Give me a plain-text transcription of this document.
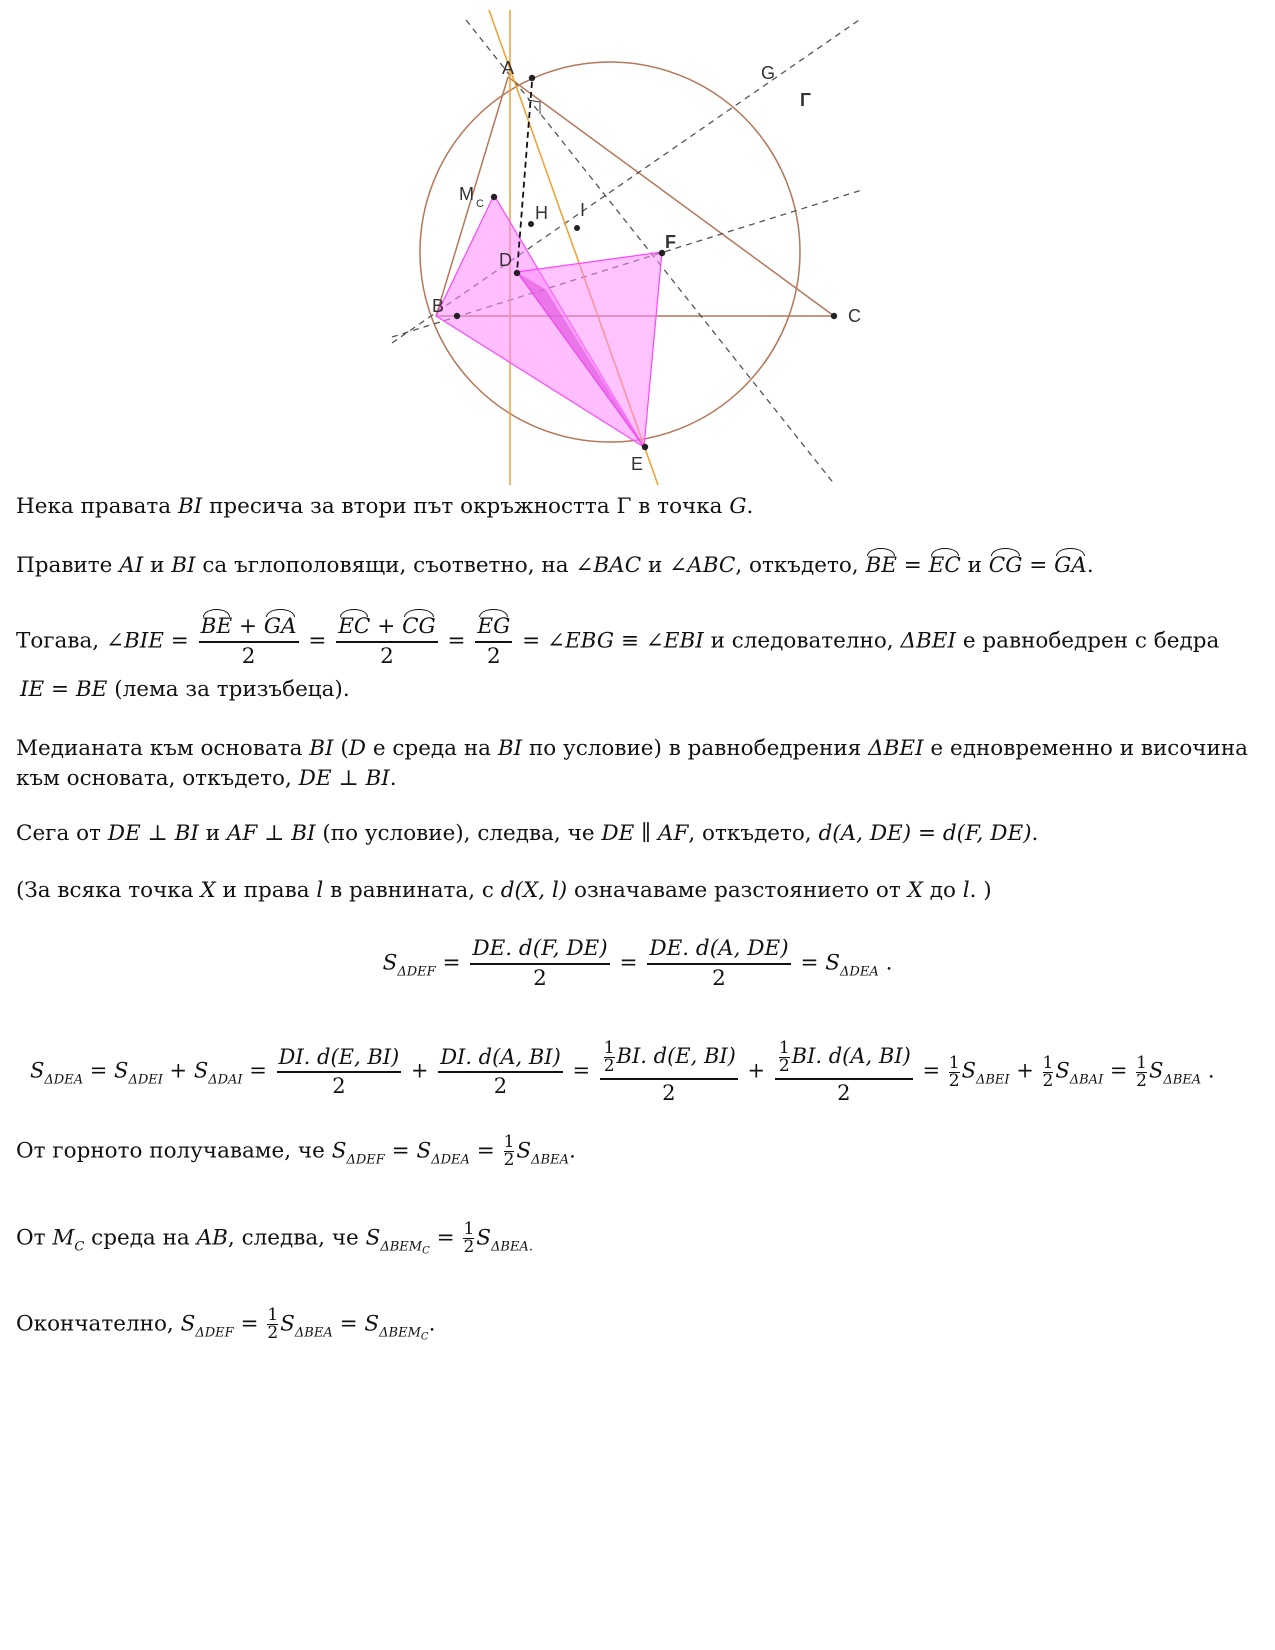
A	G
Γ
M C	H I
D
F
B	C
E
Нека правата BI пресича за втори път окръжността Γ в точка G.
Правите AI и BI са ъглополовящи, съответно, на ∠BAC и ∠ABC, откъдето, BE = EC и CG = GA.
Тогава, ∠BIE = $\frac{BE + GA}{2} = \frac{EC + CG}{2} = \frac{EG}{2}$ = ∠EBG ≡ ∠EBI и следователно, ΔBEI е равнобедрен с бедра
IE = BE (лема за тризъбеца).
Медианата към основата BI (D е среда на BI по условие) в равнобедрения ΔBEI е едновременно и височина
към основата, откъдето, DE ⊥ BI.
Сега от DE ⊥ BI и AF ⊥ BI (по условие), следва, че DE ∥ AF, откъдето, d(A, DE) = d(F, DE).
(За всяка точка X и права l в равнината, с d(X, l) означаваме разстоянието от X до l. )
$S_{\Delta DEF} = \frac{DE. d(F, DE)}{2} = \frac{DE. d(A, DE)}{2} = S_{\Delta DEA}$ .
$S_{\Delta DEA} = S_{\Delta DEI} + S_{\Delta DAI} = \frac{DI. d(E, BI)}{2} + \frac{DI. d(A, BI)}{2} = \frac{\frac{1}{2} BI. d(E, BI)}{2} + \frac{\frac{1}{2} BI. d(A, BI)}{2} = \frac{1}{2} S_{\Delta BEI} + \frac{1}{2} S_{\Delta BAI} = \frac{1}{2} S_{\Delta BEA}$ .
От горното получаваме, че $S_{\Delta DEF} = S_{\Delta DEA} = \frac{1}{2} S_{\Delta BEA}$.
От $M_C$ среда на AB, следва, че $S_{\Delta BEMC} = \frac{1}{2} S_{\Delta BEA.}$
Окончателно, $S_{\Delta DEF} = \frac{1}{2} S_{\Delta BEA} = S_{\Delta BEMC}$.
